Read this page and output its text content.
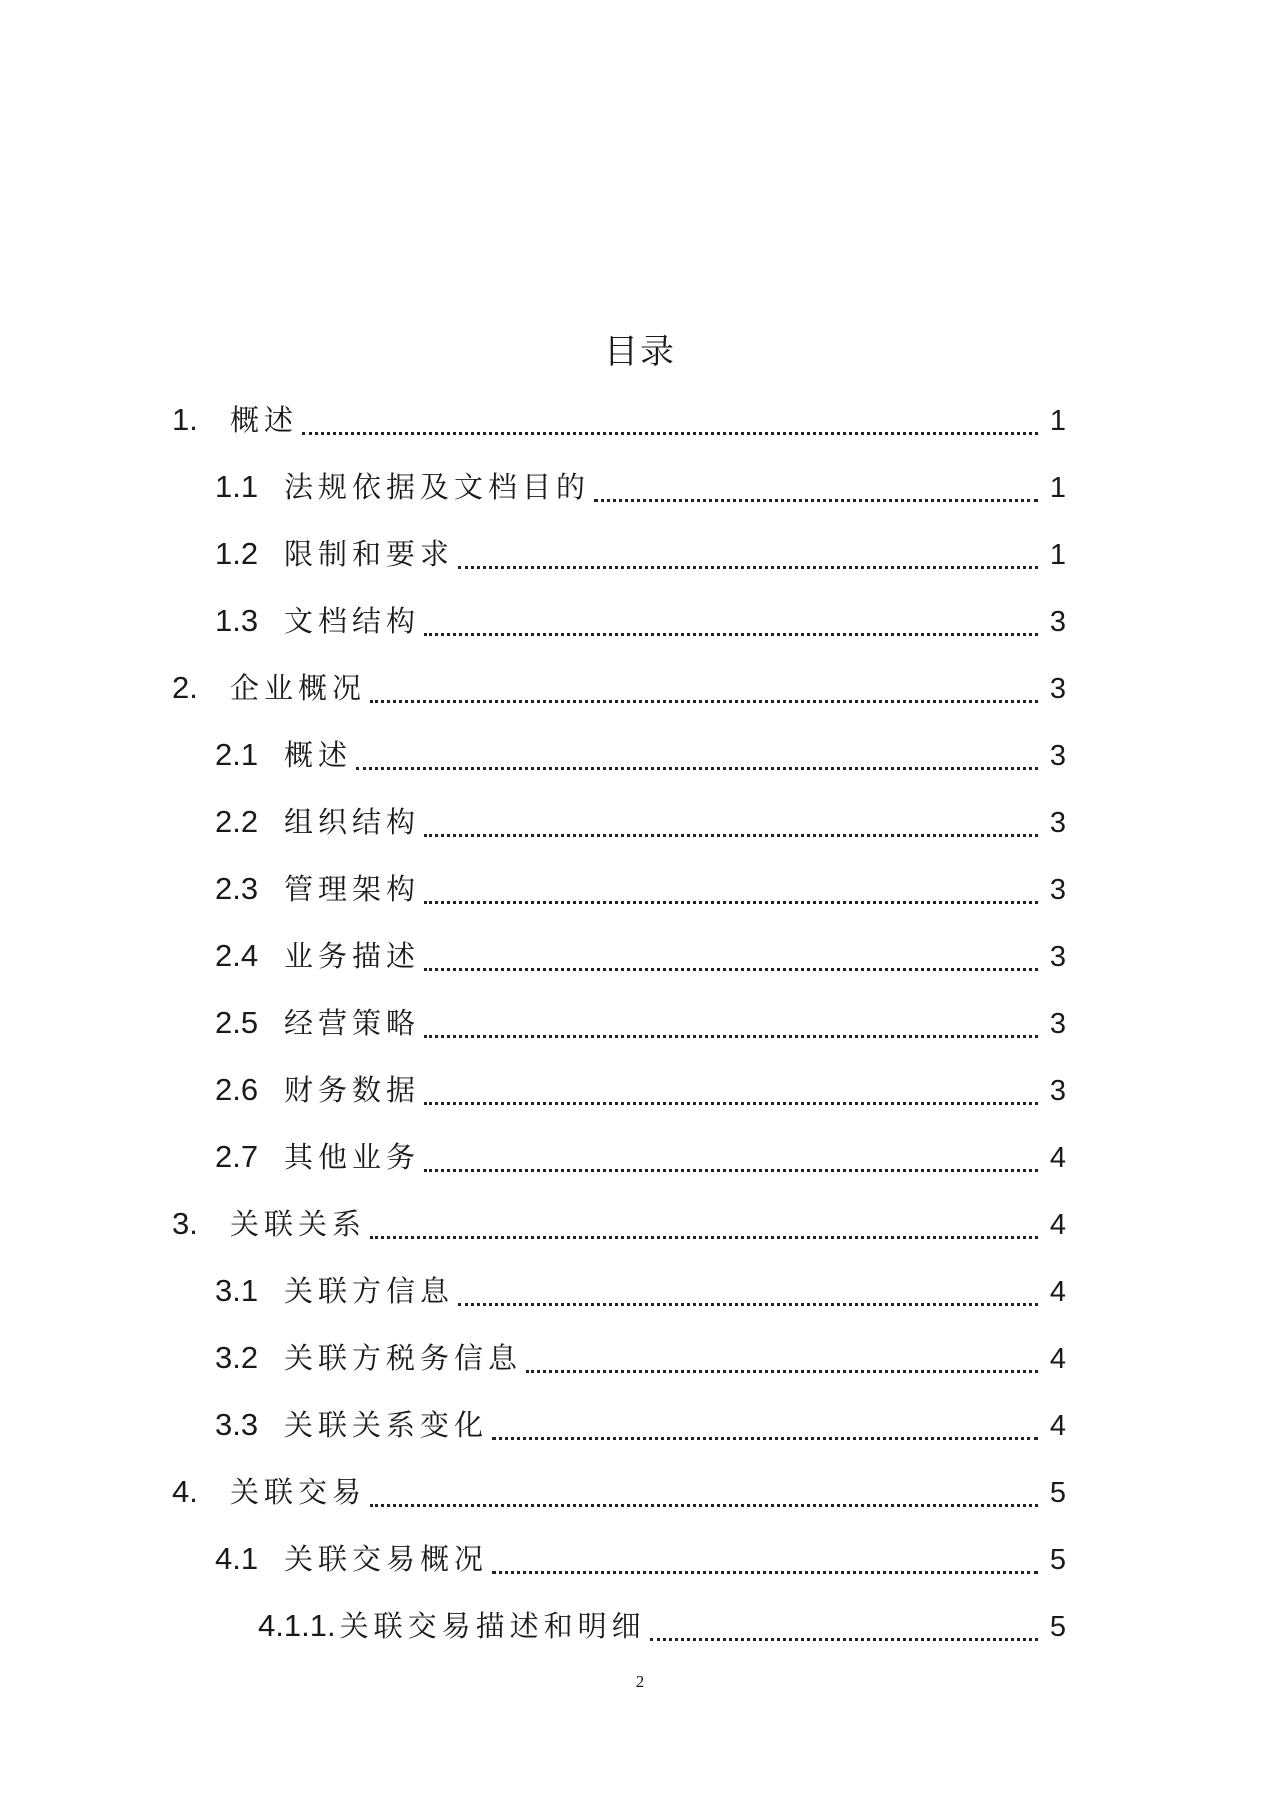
目录
1.	概述	1
1.1 法规依据及文档目的	1
1.2 限制和要求	1
1.3 文档结构	3
2.	企业概况	3
2.1 概述	3
2.2 组织结构	3
2.3 管理架构	3
2.4 业务描述	3
2.5 经营策略	3
2.6 财务数据	3
2.7 其他业务	4
3.	关联关系	4
3.1 关联方信息	4
3.2 关联方税务信息	4
3.3 关联关系变化	4
4.	关联交易	5
4.1 关联交易概况	5
4.1.1. 关联交易描述和明细	5
2
